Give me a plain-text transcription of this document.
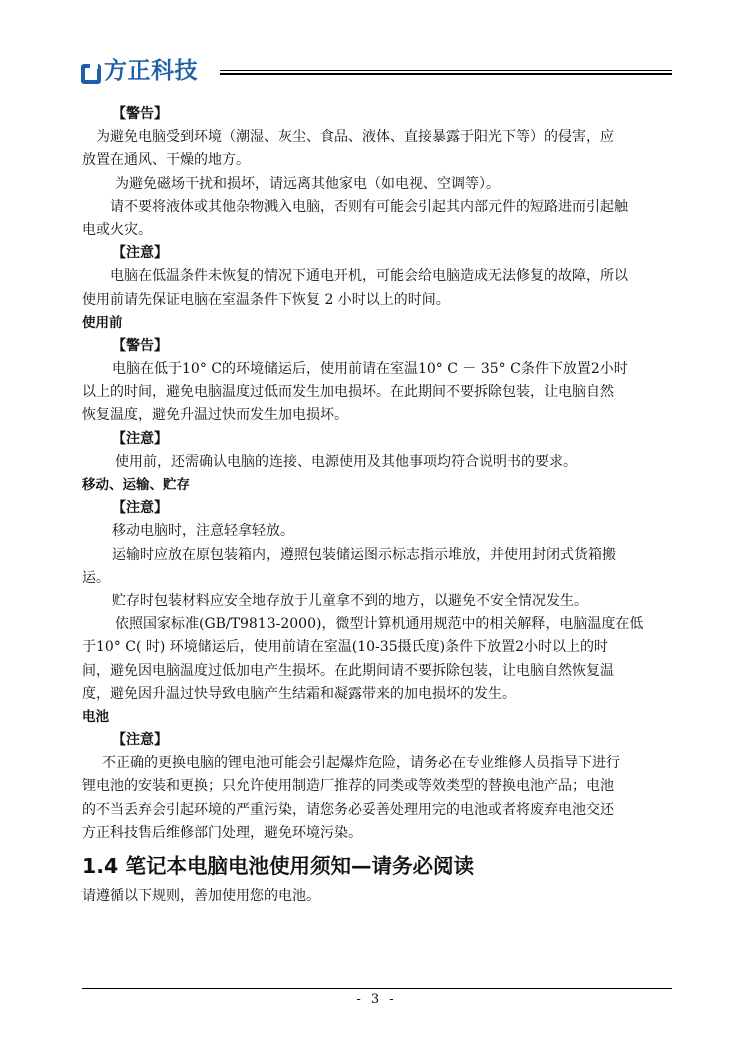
方正科技
【警告】
为避免电脑受到环境（潮湿、灰尘、食品、液体、直接暴露于阳光下等）的侵害，应
放置在通风、干燥的地方。
为避免磁场干扰和损坏，请远离其他家电（如电视、空调等）。
请不要将液体或其他杂物溅入电脑，否则有可能会引起其内部元件的短路进而引起触
电或火灾。
【注意】
电脑在低温条件未恢复的情况下通电开机，可能会给电脑造成无法修复的故障，所以
使用前请先保证电脑在室温条件下恢复 2 小时以上的时间。
使用前
【警告】
电脑在低于10° C的环境储运后，使用前请在室温10° C － 35° C条件下放置2小时
以上的时间，避免电脑温度过低而发生加电损坏。在此期间不要拆除包装，让电脑自然
恢复温度，避免升温过快而发生加电损坏。
【注意】
使用前，还需确认电脑的连接、电源使用及其他事项均符合说明书的要求。
移动、运输、贮存
【注意】
移动电脑时，注意轻拿轻放。
运输时应放在原包装箱内，遵照包装储运图示标志指示堆放，并使用封闭式货箱搬
运。
贮存时包装材料应安全地存放于儿童拿不到的地方，以避免不安全情况发生。
依照国家标准(GB/T9813-2000)，微型计算机通用规范中的相关解释，电脑温度在低
于10° C( 时) 环境储运后，使用前请在室温(10-35摄氏度)条件下放置2小时以上的时
间，避免因电脑温度过低加电产生损坏。在此期间请不要拆除包装，让电脑自然恢复温
度，避免因升温过快导致电脑产生结霜和凝露带来的加电损坏的发生。
电池
【注意】
不正确的更换电脑的锂电池可能会引起爆炸危险，请务必在专业维修人员指导下进行
锂电池的安装和更换；只允许使用制造厂推荐的同类或等效类型的替换电池产品；电池
的不当丢弃会引起环境的严重污染，请您务必妥善处理用完的电池或者将废弃电池交还
方正科技售后维修部门处理，避免环境污染。
1.4 笔记本电脑电池使用须知—请务必阅读
请遵循以下规则，善加使用您的电池。
- 3 -
